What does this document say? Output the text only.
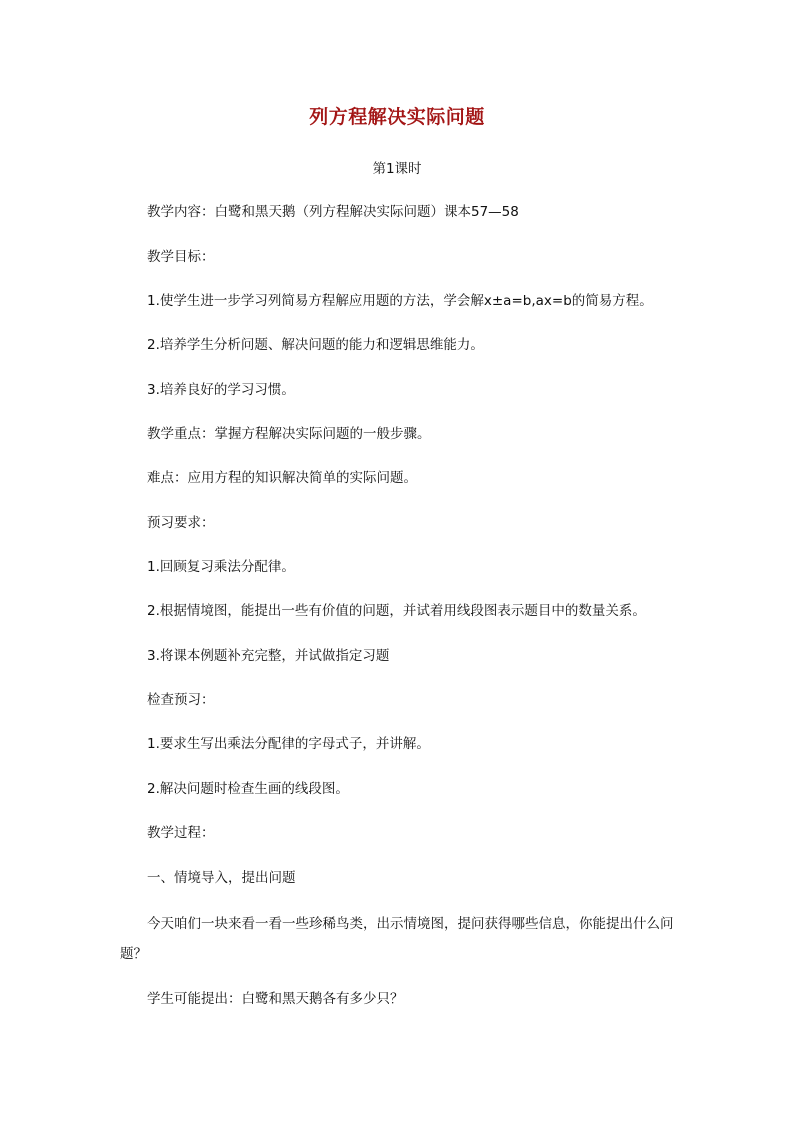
列方程解决实际问题
第1课时
教学内容：白鹭和黑天鹅（列方程解决实际问题）课本57—58
教学目标：
1.使学生进一步学习列简易方程解应用题的方法，学会解x±a=b,ax=b的简易方程。
2.培养学生分析问题、解决问题的能力和逻辑思维能力。
3.培养良好的学习习惯。
教学重点：掌握方程解决实际问题的一般步骤。
难点：应用方程的知识解决简单的实际问题。
预习要求：
1.回顾复习乘法分配律。
2.根据情境图，能提出一些有价值的问题，并试着用线段图表示题目中的数量关系。
3.将课本例题补充完整，并试做指定习题
检查预习：
1.要求生写出乘法分配律的字母式子，并讲解。
2.解决问题时检查生画的线段图。
教学过程：
一、情境导入，提出问题
今天咱们一块来看一看一些珍稀鸟类，出示情境图，提问获得哪些信息，你能提出什么问题？
学生可能提出：白鹭和黑天鹅各有多少只？
